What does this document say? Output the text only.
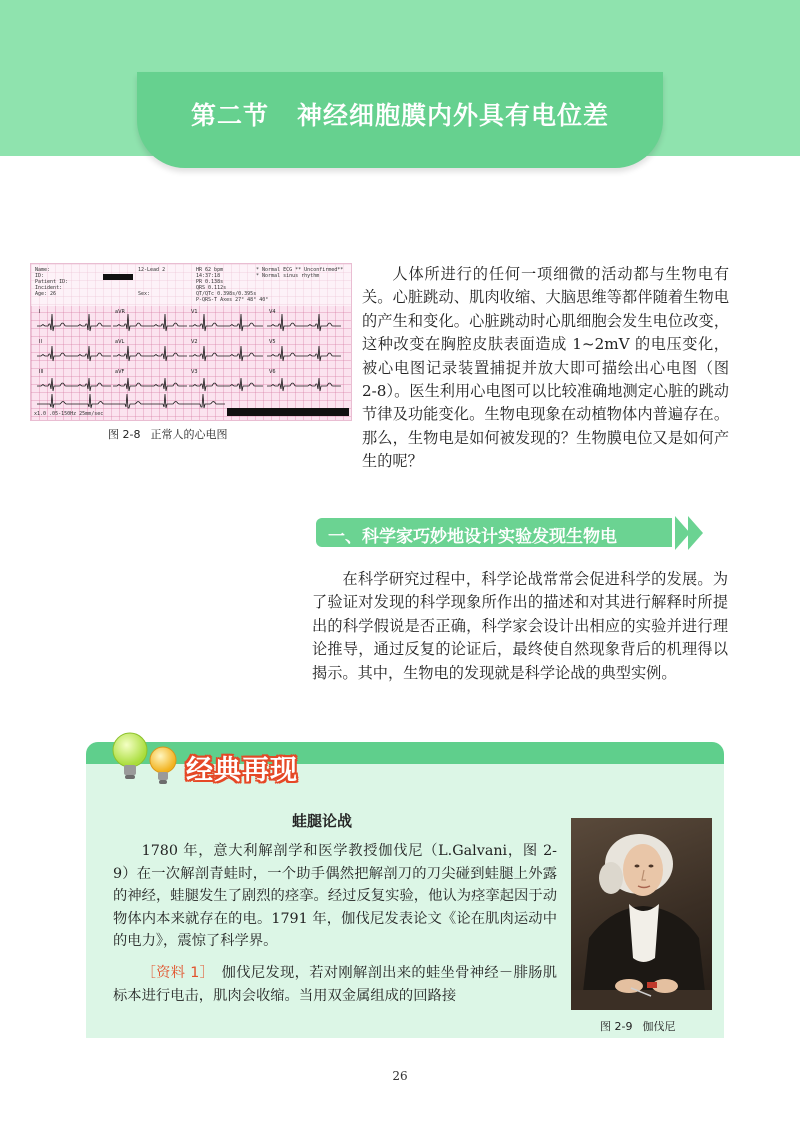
第二节 神经细胞膜内外具有电位差
Name:
ID:
Patient ID:
Incident:
Age: 26
12-Lead 2

Sex:
HR 62 bpm
14:37:18
PR 0.138s
QRS 0.112s
QT/QTc 0.398s/0.395s
P-QRS-T Axes 27° 48° 40°
* Normal ECG ** Unconfirmed**
* Normal sinus rhythm
I	aVR	V1	V4
II	aVL	V2	V5
III	aVF	V3	V6
x1.0 .05-150Hz 25mm/sec
图 2-8 正常人的心电图

人体所进行的任何一项细微的活动都与生物电有关。心脏跳动、肌肉收缩、大脑思维等都伴随着生物电的产生和变化。心脏跳动时心肌细胞会发生电位改变，这种改变在胸腔皮肤表面造成 1~2mV 的电压变化，被心电图记录装置捕捉并放大即可描绘出心电图（图 2-8）。医生利用心电图可以比较准确地测定心脏的跳动节律及功能变化。生物电现象在动植物体内普遍存在。那么，生物电是如何被发现的？生物膜电位又是如何产生的呢？

一、科学家巧妙地设计实验发现生物电

在科学研究过程中，科学论战常常会促进科学的发展。为了验证对发现的科学现象所作出的描述和对其进行解释时所提出的科学假说是否正确，科学家会设计出相应的实验并进行理论推导，通过反复的论证后，最终使自然现象背后的机理得以揭示。其中，生物电的发现就是科学论战的典型实例。

经典再现
蛙腿论战

1780 年，意大利解剖学和医学教授伽伐尼（L.Galvani，图 2-9）在一次解剖青蛙时，一个助手偶然把解剖刀的刀尖碰到蛙腿上外露的神经，蛙腿发生了剧烈的痉挛。经过反复实验，他认为痉挛起因于动物体内本来就存在的电。1791 年，伽伐尼发表论文《论在肌肉运动中的电力》，震惊了科学界。

［资料 1］　 伽伐尼发现，若对刚解剖出来的蛙坐骨神经－腓肠肌标本进行电击，肌肉会收缩。当用双金属组成的回路接

图 2-9 伽伐尼
26
